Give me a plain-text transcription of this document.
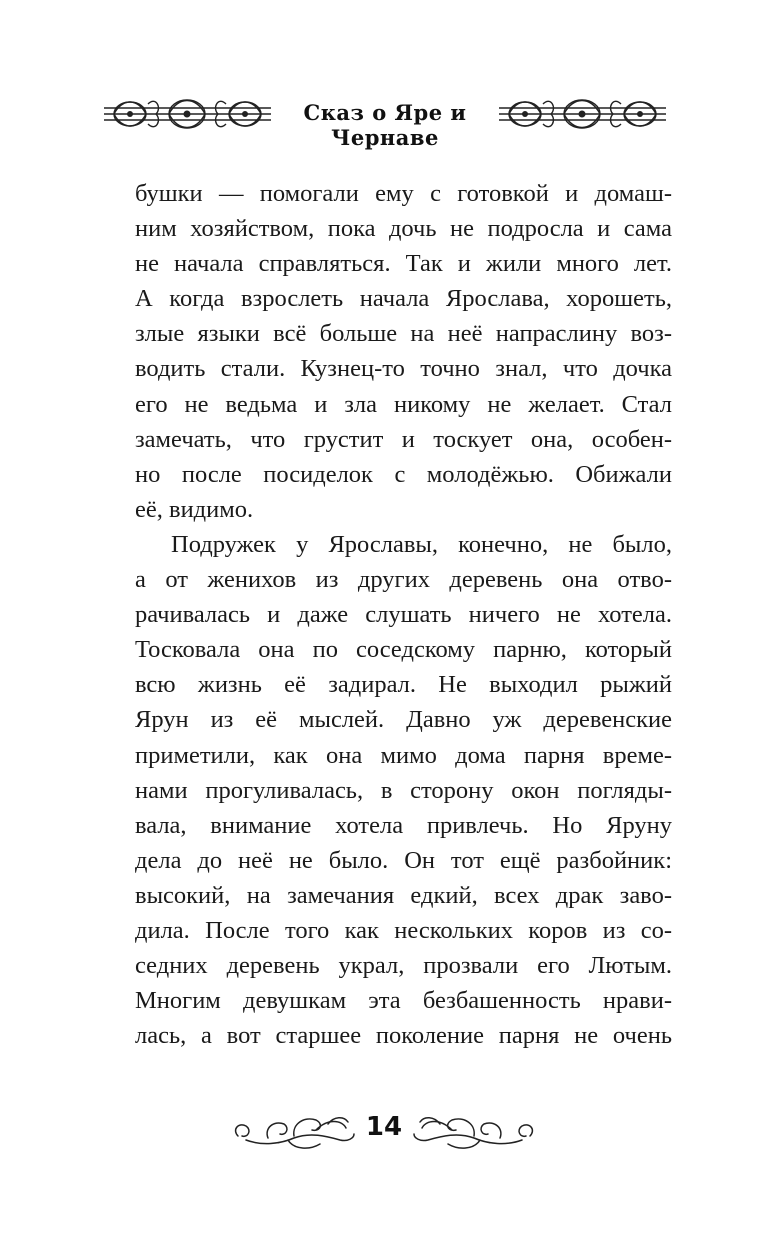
Сказ о Яре и Чернаве
бушки — помогали ему с готовкой и домаш-
ним хозяйством, пока дочь не подросла и сама
не начала справляться. Так и жили много лет.
А когда взрослеть начала Ярослава, хорошеть,
злые языки всё больше на неё напраслину воз-
водить стали. Кузнец-то точно знал, что дочка
его не ведьма и зла никому не желает. Стал
замечать, что грустит и тоскует она, особен-
но после посиделок с молодёжью. Обижали
её, видимо.
Подружек у Ярославы, конечно, не было,
а от женихов из других деревень она отво-
рачивалась и даже слушать ничего не хотела.
Тосковала она по соседскому парню, который
всю жизнь её задирал. Не выходил рыжий
Ярун из её мыслей. Давно уж деревенские
приметили, как она мимо дома парня време-
нами прогуливалась, в сторону окон погляды-
вала, внимание хотела привлечь. Но Яруну
дела до неё не было. Он тот ещё разбойник:
высокий, на замечания едкий, всех драк заво-
дила. После того как нескольких коров из со-
седних деревень украл, прозвали его Лютым.
Многим девушкам эта безбашенность нрави-
лась, а вот старшее поколение парня не очень
14
